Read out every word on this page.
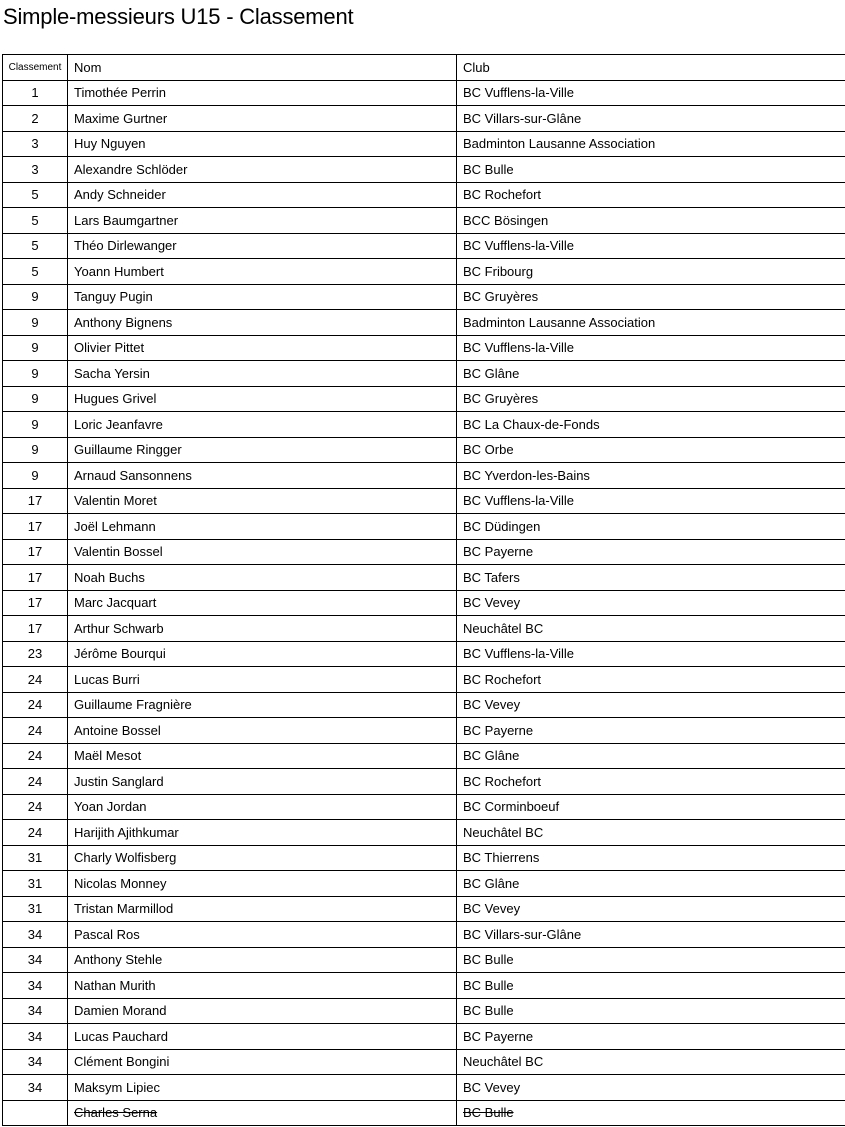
Simple-messieurs U15 - Classement
Classement	Nom	Club
1	Timothée Perrin	BC Vufflens-la-Ville
2	Maxime Gurtner	BC Villars-sur-Glâne
3	Huy Nguyen	Badminton Lausanne Association
3	Alexandre Schlöder	BC Bulle
5	Andy Schneider	BC Rochefort
5	Lars Baumgartner	BCC Bösingen
5	Théo Dirlewanger	BC Vufflens-la-Ville
5	Yoann Humbert	BC Fribourg
9	Tanguy Pugin	BC Gruyères
9	Anthony Bignens	Badminton Lausanne Association
9	Olivier Pittet	BC Vufflens-la-Ville
9	Sacha Yersin	BC Glâne
9	Hugues Grivel	BC Gruyères
9	Loric Jeanfavre	BC La Chaux-de-Fonds
9	Guillaume Ringger	BC Orbe
9	Arnaud Sansonnens	BC Yverdon-les-Bains
17	Valentin Moret	BC Vufflens-la-Ville
17	Joël Lehmann	BC Düdingen
17	Valentin Bossel	BC Payerne
17	Noah Buchs	BC Tafers
17	Marc Jacquart	BC Vevey
17	Arthur Schwarb	Neuchâtel BC
23	Jérôme Bourqui	BC Vufflens-la-Ville
24	Lucas Burri	BC Rochefort
24	Guillaume Fragnière	BC Vevey
24	Antoine Bossel	BC Payerne
24	Maël Mesot	BC Glâne
24	Justin Sanglard	BC Rochefort
24	Yoan Jordan	BC Corminboeuf
24	Harijith Ajithkumar	Neuchâtel BC
31	Charly Wolfisberg	BC Thierrens
31	Nicolas Monney	BC Glâne
31	Tristan Marmillod	BC Vevey
34	Pascal Ros	BC Villars-sur-Glâne
34	Anthony Stehle	BC Bulle
34	Nathan Murith	BC Bulle
34	Damien Morand	BC Bulle
34	Lucas Pauchard	BC Payerne
34	Clément Bongini	Neuchâtel BC
34	Maksym Lipiec	BC Vevey
	Charles Serna	BC Bulle
